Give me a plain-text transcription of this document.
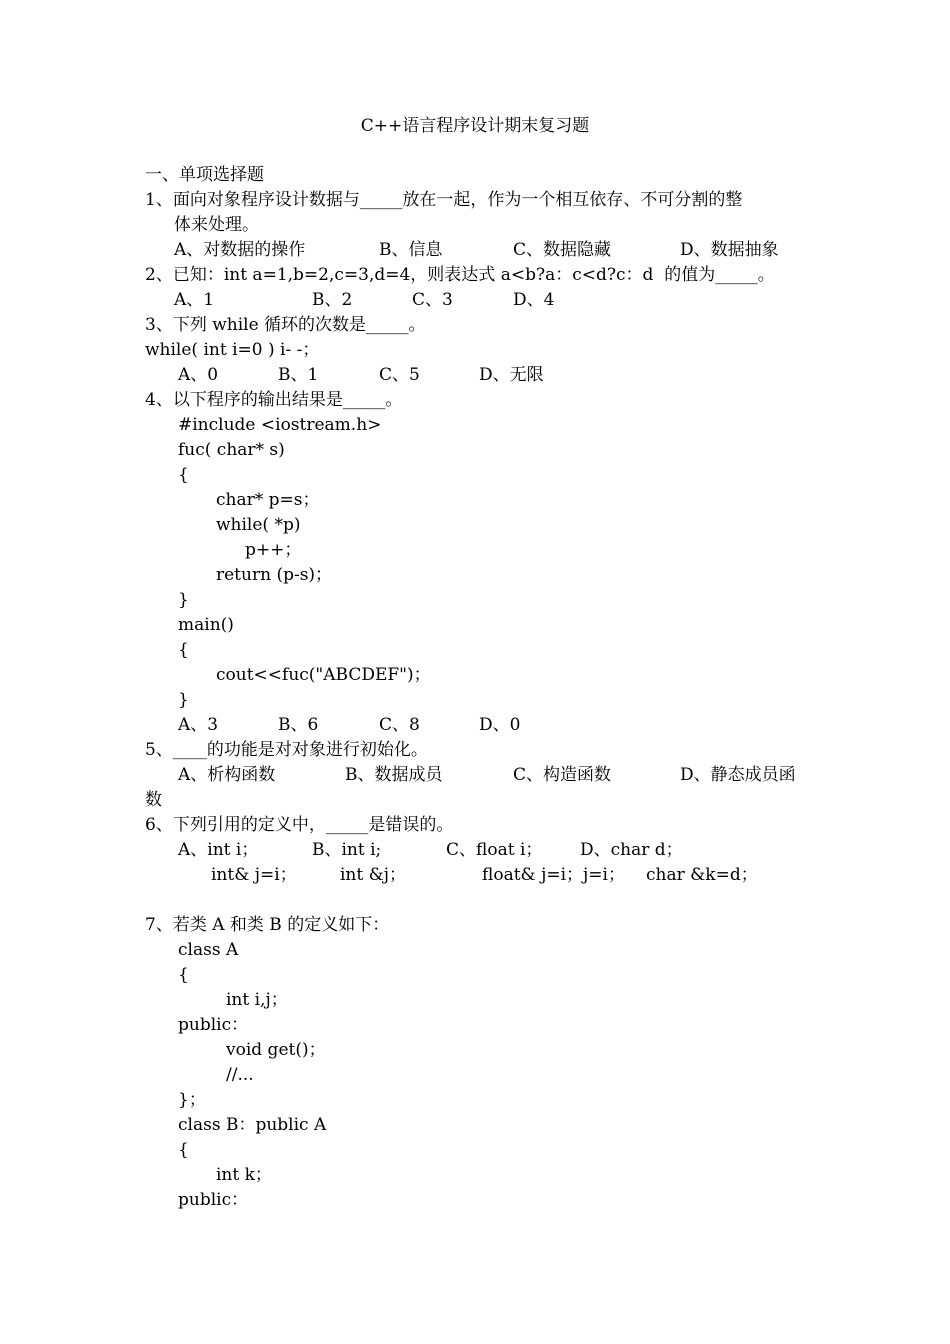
C++语言程序设计期末复习题
一、单项选择题
1、面向对象程序设计数据与_____放在一起，作为一个相互依存、不可分割的整
体来处理。

A、对数据的操作

	B、信息

	C、数据隐藏

	D、数据抽象

2、已知：int a=1,b=2,c=3,d=4，则表达式 a<b?a：c<d?c：d  的值为_____。

A、1

	B、2

	C、3

	D、4

3、下列 while 循环的次数是_____。
while( int i=0 ) i- -；

A、0

	B、1

	C、5

	D、无限

4、以下程序的输出结果是_____。
#include <iostream.h>
fuc( char* s)
{
char* p=s；
while( *p)
p++；
return (p-s)；
}
main()
{
cout<<fuc("ABCDEF")；
}

A、3

	B、6

	C、8

	D、0

5、____的功能是对对象进行初始化。

A、析构函数

	B、数据成员

	C、构造函数

	D、静态成员函

数
6、下列引用的定义中，_____是错误的。

A、int i；

	B、int i;

	C、float i；

D、char d；

int& j=i；

	int &j；

	float& j=i；j=i；

char &k=d；

7、若类 A 和类 B 的定义如下：
class A
{
int i,j；
public：
void get()；
//...
}；
class B：public A
{
int k；
public：
